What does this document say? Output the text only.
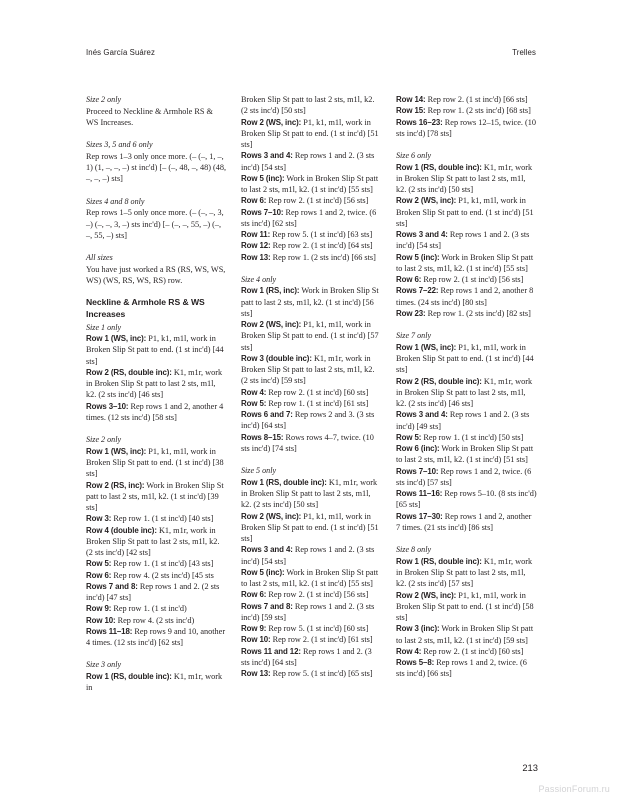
Inés García Suárez	Trelles

Size 2 only

Proceed to Neckline & Armhole RS & WS Increases.

Sizes 3, 5 and 6 only

Rep rows 1–3 only once more. (– (–, 1, –, 1) (1, –, –, –) st inc'd) [– (–, 48, –, 48) (48, –, –, –) sts]

Sizes 4 and 8 only

Rep rows 1–5 only once more. (– (–, –, 3, –) (–, –, 3, –) sts inc'd) [– (–, –, 55, –) (–, –, 55, –) sts]

All sizes

You have just worked a RS (RS, WS, WS, WS) (WS, RS, WS, RS) row.

Neckline & Armhole RS & WS Increases

Size 1 only

Row 1 (WS, inc): P1, k1, m1l, work in Broken Slip St patt to end. (1 st inc'd) [44 sts]

Row 2 (RS, double inc): K1, m1r, work in Broken Slip St patt to last 2 sts, m1l, k2. (2 sts inc'd) [46 sts]

Rows 3–10: Rep rows 1 and 2, another 4 times. (12 sts inc'd) [58 sts]

Size 2 only

Row 1 (WS, inc): P1, k1, m1l, work in Broken Slip St patt to end. (1 st inc'd) [38 sts]

Row 2 (RS, inc): Work in Broken Slip St patt to last 2 sts, m1l, k2. (1 st inc'd) [39 sts]

Row 3: Rep row 1. (1 st inc'd) [40 sts]

Row 4 (double inc): K1, m1r, work in Broken Slip St patt to last 2 sts, m1l, k2. (2 sts inc'd) [42 sts]

Row 5: Rep row 1. (1 st inc'd) [43 sts]

Row 6: Rep row 4. (2 sts inc'd) [45 sts

Rows 7 and 8: Rep rows 1 and 2. (2 sts inc'd) [47 sts]

Row 9: Rep row 1. (1 st inc'd)

Row 10: Rep row 4. (2 sts inc'd)

Rows 11–18: Rep rows 9 and 10, another 4 times. (12 sts inc'd) [62 sts]

Size 3 only

Row 1 (RS, double inc): K1, m1r, work in

Broken Slip St patt to last 2 sts, m1l, k2. (2 sts inc'd) [50 sts]

Row 2 (WS, inc): P1, k1, m1l, work in Broken Slip St patt to end. (1 st inc'd) [51 sts]

Rows 3 and 4: Rep rows 1 and 2. (3 sts inc'd) [54 sts]

Row 5 (inc): Work in Broken Slip St patt to last 2 sts, m1l, k2. (1 st inc'd) [55 sts]

Row 6: Rep row 2. (1 st inc'd) [56 sts]

Rows 7–10: Rep rows 1 and 2, twice. (6 sts inc'd) [62 sts]

Row 11: Rep row 5. (1 st inc'd) [63 sts]

Row 12: Rep row 2. (1 st inc'd) [64 sts]

Row 13: Rep row 1. (2 sts inc'd) [66 sts]

Size 4 only

Row 1 (RS, inc): Work in Broken Slip St patt to last 2 sts, m1l, k2. (1 st inc'd) [56 sts]

Row 2 (WS, inc): P1, k1, m1l, work in Broken Slip St patt to end. (1 st inc'd) [57 sts]

Row 3 (double inc): K1, m1r, work in Broken Slip St patt to last 2 sts, m1l, k2. (2 sts inc'd) [59 sts]

Row 4: Rep row 2. (1 st inc'd) [60 sts]

Row 5: Rep row 1. (1 st inc'd) [61 sts]

Rows 6 and 7: Rep rows 2 and 3. (3 sts inc'd) [64 sts]

Rows 8–15: Rows rows 4–7, twice. (10 sts inc'd) [74 sts]

Size 5 only

Row 1 (RS, double inc): K1, m1r, work in Broken Slip St patt to last 2 sts, m1l, k2. (2 sts inc'd) [50 sts]

Row 2 (WS, inc): P1, k1, m1l, work in Broken Slip St patt to end. (1 st inc'd) [51 sts]

Rows 3 and 4: Rep rows 1 and 2. (3 sts inc'd) [54 sts]

Row 5 (inc): Work in Broken Slip St patt to last 2 sts, m1l, k2. (1 st inc'd) [55 sts]

Row 6: Rep row 2. (1 st inc'd) [56 sts]

Rows 7 and 8: Rep rows 1 and 2. (3 sts inc'd) [59 sts]

Row 9: Rep row 5. (1 st inc'd) [60 sts]

Row 10: Rep row 2. (1 st inc'd) [61 sts]

Rows 11 and 12: Rep rows 1 and 2. (3 sts inc'd) [64 sts]

Row 13: Rep row 5. (1 st inc'd) [65 sts]

Row 14: Rep row 2. (1 st inc'd) [66 sts]

Row 15: Rep row 1. (2 sts inc'd) [68 sts]

Rows 16–23: Rep rows 12–15, twice. (10 sts inc'd) [78 sts]

Size 6 only

Row 1 (RS, double inc): K1, m1r, work in Broken Slip St patt to last 2 sts, m1l, k2. (2 sts inc'd) [50 sts]

Row 2 (WS, inc): P1, k1, m1l, work in Broken Slip St patt to end. (1 st inc'd) [51 sts]

Rows 3 and 4: Rep rows 1 and 2. (3 sts inc'd) [54 sts]

Row 5 (inc): Work in Broken Slip St patt to last 2 sts, m1l, k2. (1 st inc'd) [55 sts]

Row 6: Rep row 2. (1 st inc'd) [56 sts]

Rows 7–22: Rep rows 1 and 2, another 8 times. (24 sts inc'd) [80 sts]

Row 23: Rep row 1. (2 sts inc'd) [82 sts]

Size 7 only

Row 1 (WS, inc): P1, k1, m1l, work in Broken Slip St patt to end. (1 st inc'd) [44 sts]

Row 2 (RS, double inc): K1, m1r, work in Broken Slip St patt to last 2 sts, m1l, k2. (2 sts inc'd) [46 sts]

Rows 3 and 4: Rep rows 1 and 2. (3 sts inc'd) [49 sts]

Row 5: Rep row 1. (1 st inc'd) [50 sts]

Row 6 (inc): Work in Broken Slip St patt to last 2 sts, m1l, k2. (1 st inc'd) [51 sts]

Rows 7–10: Rep rows 1 and 2, twice. (6 sts inc'd) [57 sts]

Rows 11–16: Rep rows 5–10. (8 sts inc'd) [65 sts]

Rows 17–30: Rep rows 1 and 2, another 7 times. (21 sts inc'd) [86 sts]

Size 8 only

Row 1 (RS, double inc): K1, m1r, work in Broken Slip St patt to last 2 sts, m1l, k2. (2 sts inc'd) [57 sts]

Row 2 (WS, inc): P1, k1, m1l, work in Broken Slip St patt to end. (1 st inc'd) [58 sts]

Row 3 (inc): Work in Broken Slip St patt to last 2 sts, m1l, k2. (1 st inc'd) [59 sts]

Row 4: Rep row 2. (1 st inc'd) [60 sts]

Rows 5–8: Rep rows 1 and 2, twice. (6 sts inc'd) [66 sts]

213
PassionForum.ru
